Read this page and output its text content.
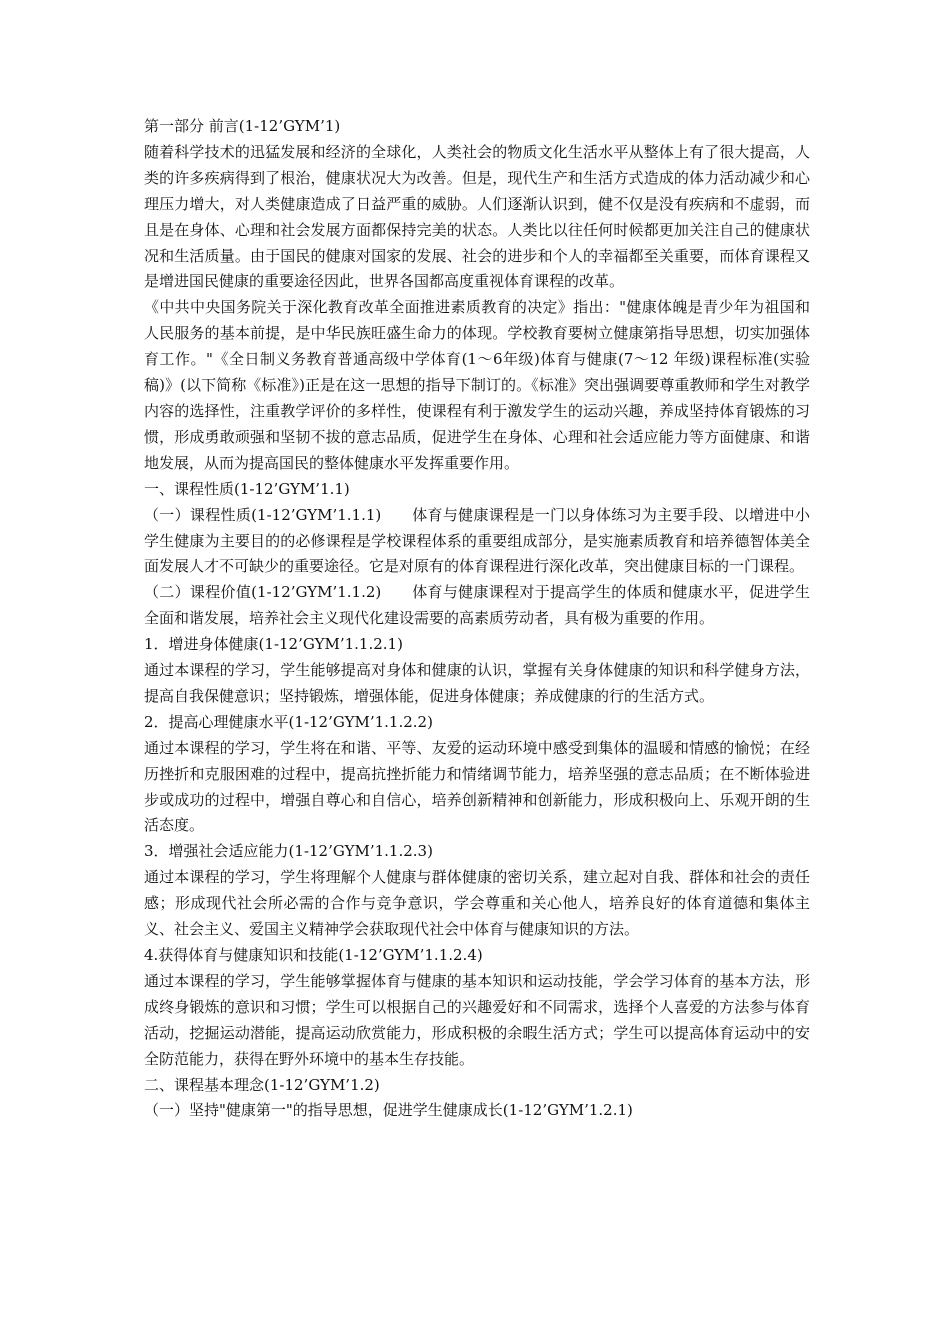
第一部分 前言(1-12’GYM’1)
随着科学技术的迅猛发展和经济的全球化，人类社会的物质文化生活水平从整体上有了很大提高，人类的许多疾病得到了根治，健康状况大为改善。但是，现代生产和生活方式造成的体力活动减少和心理压力增大，对人类健康造成了日益严重的威胁。人们逐渐认识到，健不仅是没有疾病和不虚弱，而且是在身体、心理和社会发展方面都保持完美的状态。人类比以往任何时候都更加关注自己的健康状况和生活质量。由于国民的健康对国家的发展、社会的进步和个人的幸福都至关重要，而体育课程又是增进国民健康的重要途径因此，世界各国都高度重视体育课程的改革。
《中共中央国务院关于深化教育改革全面推进素质教育的决定》指出："健康体魄是青少年为祖国和人民服务的基本前提，是中华民族旺盛生命力的体现。学校教育要树立健康第指导思想，切实加强体育工作。"《全日制义务教育普通高级中学体育(1～6年级)体育与健康(7～12 年级)课程标准(实验稿)》(以下简称《标准》)正是在这一思想的指导下制订的。《标准》突出强调要尊重教师和学生对教学内容的选择性，注重教学评价的多样性，使课程有利于激发学生的运动兴趣，养成坚持体育锻炼的习惯，形成勇敢顽强和坚韧不拔的意志品质，促进学生在身体、心理和社会适应能力等方面健康、和谐地发展，从而为提高国民的整体健康水平发挥重要作用。
一、课程性质(1-12’GYM’1.1)
（一）课程性质(1-12’GYM’1.1.1)　　体育与健康课程是一门以身体练习为主要手段、以增进中小学生健康为主要目的的必修课程是学校课程体系的重要组成部分，是实施素质教育和培养德智体美全面发展人才不可缺少的重要途径。它是对原有的体育课程进行深化改革，突出健康目标的一门课程。
（二）课程价值(1-12’GYM’1.1.2)　　体育与健康课程对于提高学生的体质和健康水平，促进学生全面和谐发展，培养社会主义现代化建设需要的高素质劳动者，具有极为重要的作用。
1．增进身体健康(1-12’GYM’1.1.2.1)
通过本课程的学习，学生能够提高对身体和健康的认识，掌握有关身体健康的知识和科学健身方法，提高自我保健意识；坚持锻炼，增强体能，促进身体健康；养成健康的行的生活方式。
2．提高心理健康水平(1-12’GYM’1.1.2.2)
通过本课程的学习，学生将在和谐、平等、友爱的运动环境中感受到集体的温暖和情感的愉悦；在经历挫折和克服困难的过程中，提高抗挫折能力和情绪调节能力，培养坚强的意志品质；在不断体验进步或成功的过程中，增强自尊心和自信心，培养创新精神和创新能力，形成积极向上、乐观开朗的生活态度。
3．增强社会适应能力(1-12’GYM’1.1.2.3)
通过本课程的学习，学生将理解个人健康与群体健康的密切关系，建立起对自我、群体和社会的责任感；形成现代社会所必需的合作与竞争意识，学会尊重和关心他人，培养良好的体育道德和集体主义、社会主义、爱国主义精神学会获取现代社会中体育与健康知识的方法。
4.获得体育与健康知识和技能(1-12’GYM’1.1.2.4)
通过本课程的学习，学生能够掌握体育与健康的基本知识和运动技能，学会学习体育的基本方法，形成终身锻炼的意识和习惯；学生可以根据自己的兴趣爱好和不同需求，选择个人喜爱的方法参与体育活动，挖掘运动潜能，提高运动欣赏能力，形成积极的余暇生活方式；学生可以提高体育运动中的安全防范能力，获得在野外环境中的基本生存技能。
二、课程基本理念(1-12’GYM’1.2)
（一）坚持"健康第一"的指导思想，促进学生健康成长(1-12’GYM’1.2.1)
